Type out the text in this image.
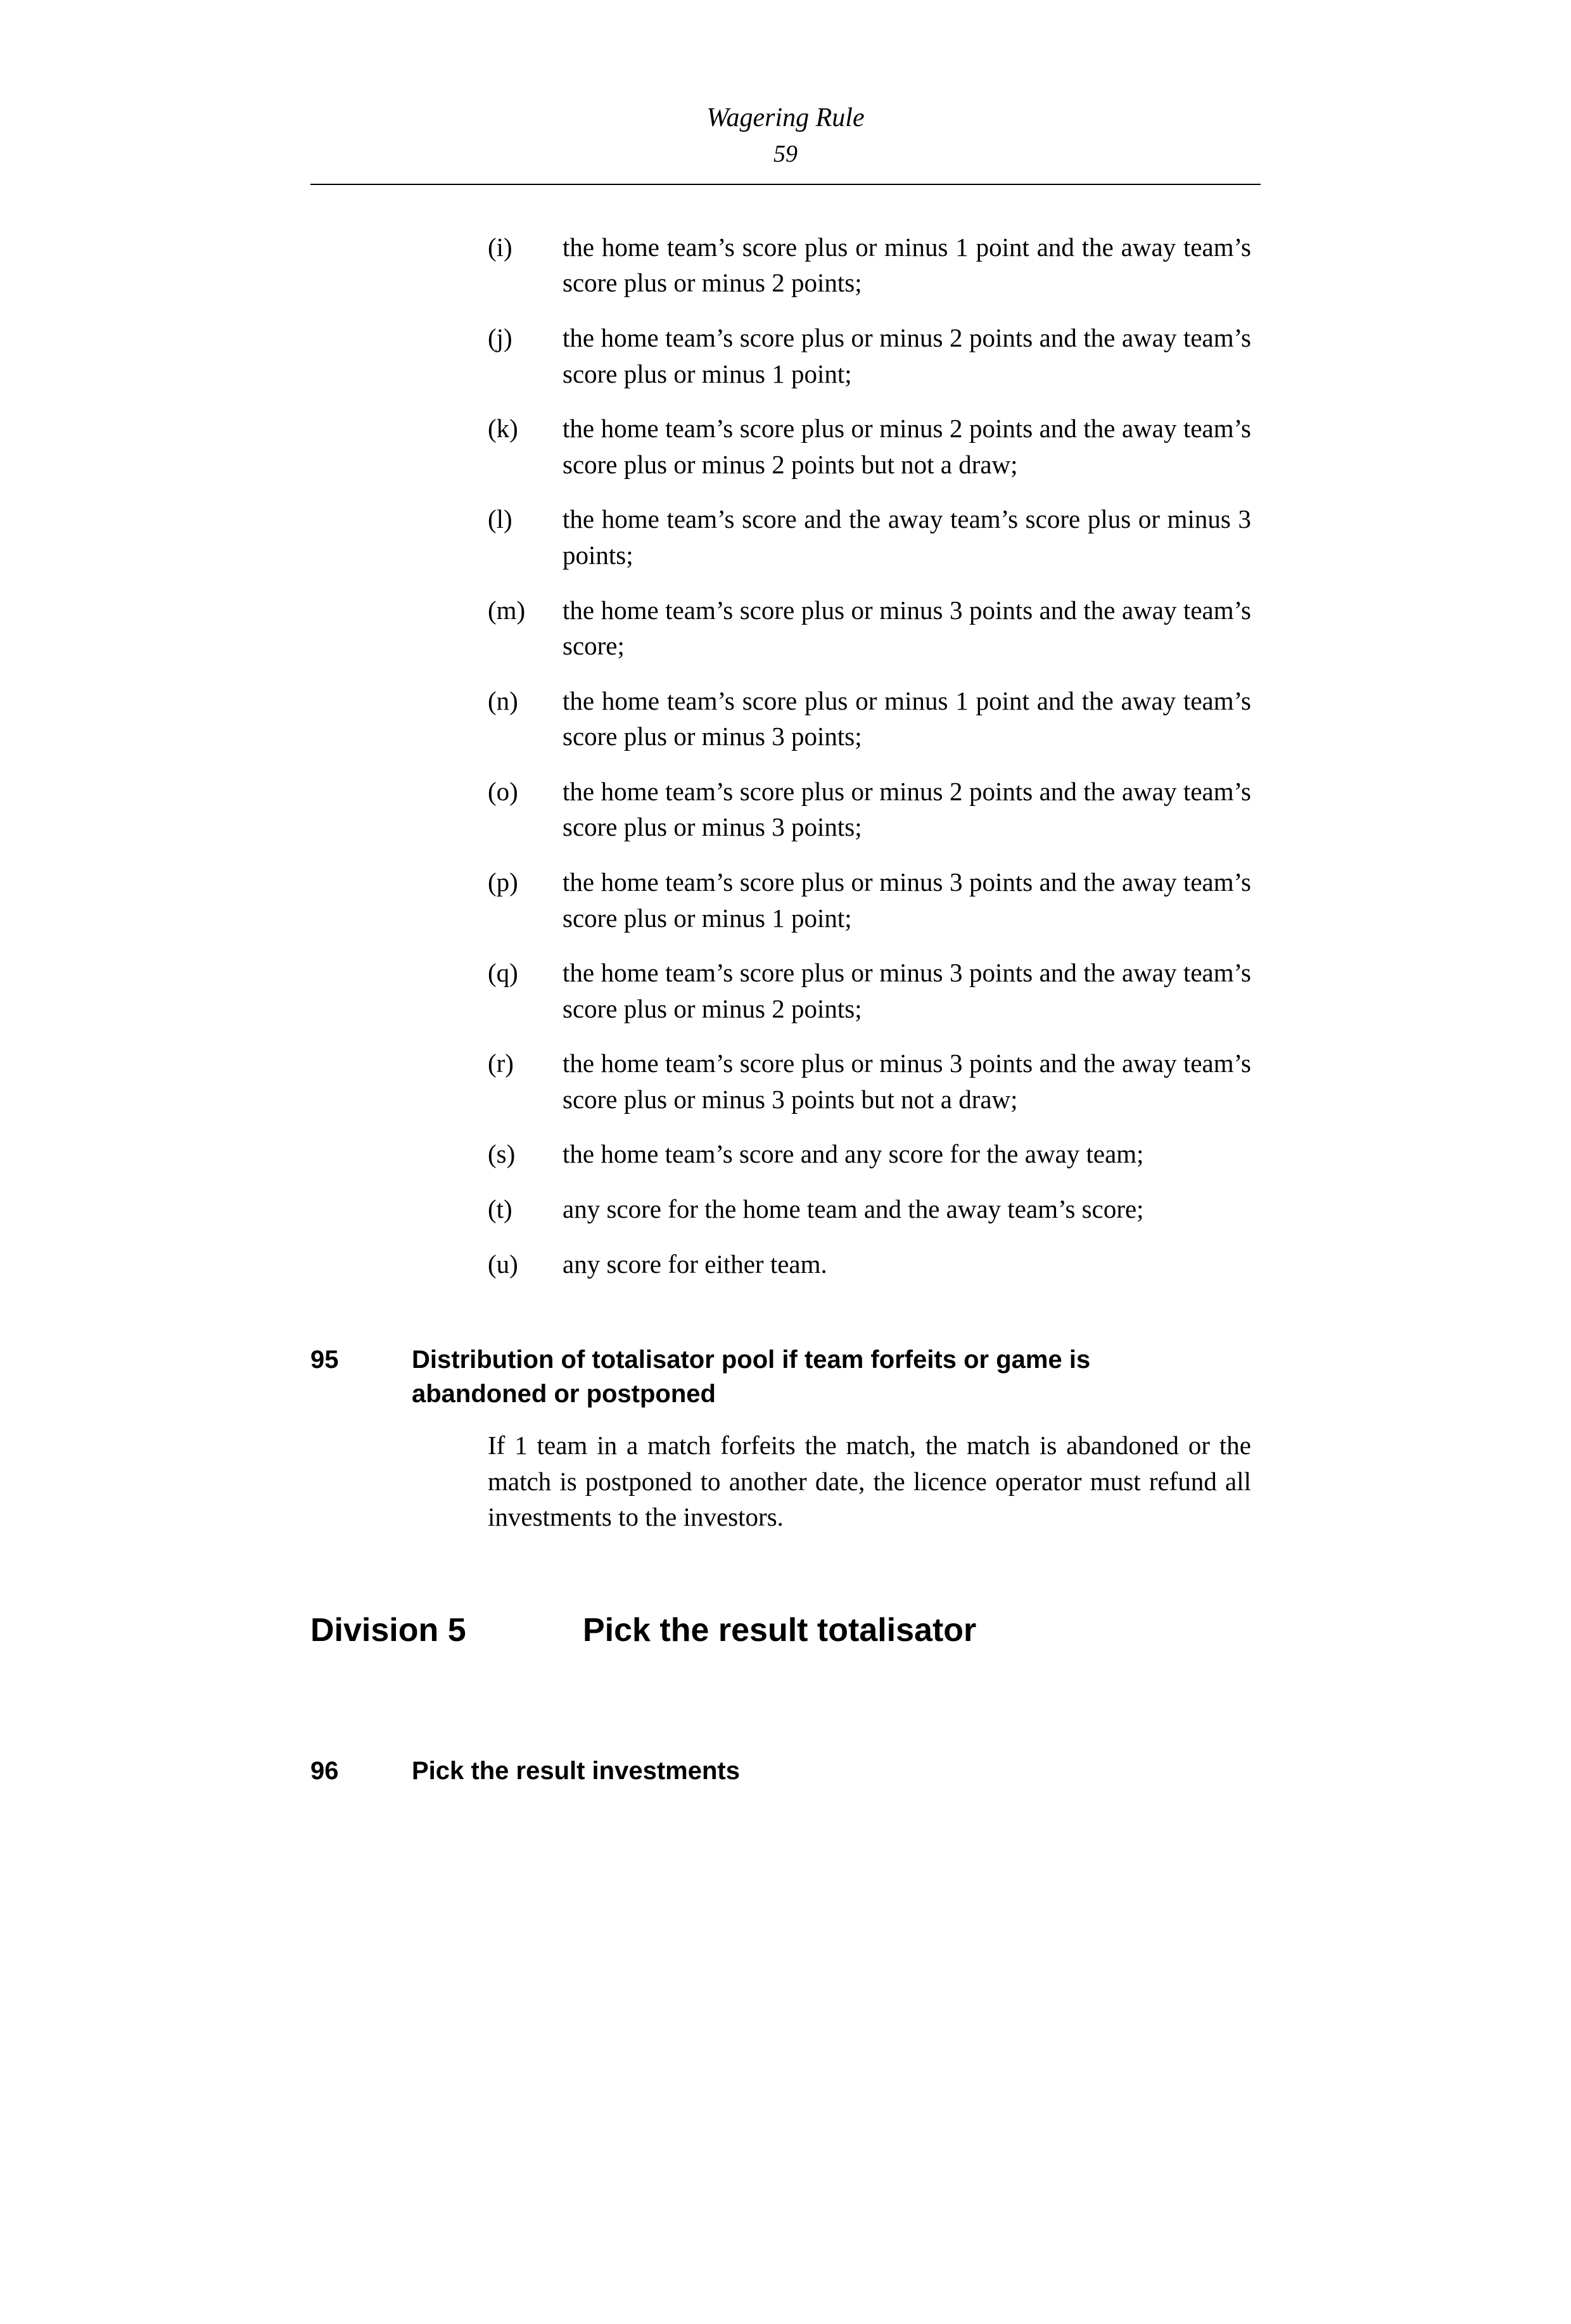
Wagering Rule
59
(i)	the home team’s score plus or minus 1 point and the away team’s score plus or minus 2 points;
(j)	the home team’s score plus or minus 2 points and the away team’s score plus or minus 1 point;
(k)	the home team’s score plus or minus 2 points and the away team’s score plus or minus 2 points but not a draw;
(l)	the home team’s score and the away team’s score plus or minus 3 points;
(m)	the home team’s score plus or minus 3 points and the away team’s score;
(n)	the home team’s score plus or minus 1 point and the away team’s score plus or minus 3 points;
(o)	the home team’s score plus or minus 2 points and the away team’s score plus or minus 3 points;
(p)	the home team’s score plus or minus 3 points and the away team’s score plus or minus 1 point;
(q)	the home team’s score plus or minus 3 points and the away team’s score plus or minus 2 points;
(r)	the home team’s score plus or minus 3 points and the away team’s score plus or minus 3 points but not a draw;
(s)	the home team’s score and any score for the away team;
(t)	any score for the home team and the away team’s score;
(u)	any score for either team.
95	Distribution of totalisator pool if team forfeits or game is abandoned or postponed
If 1 team in a match forfeits the match, the match is abandoned or the match is postponed to another date, the licence operator must refund all investments to the investors.
Division 5	Pick the result totalisator
96	Pick the result investments
